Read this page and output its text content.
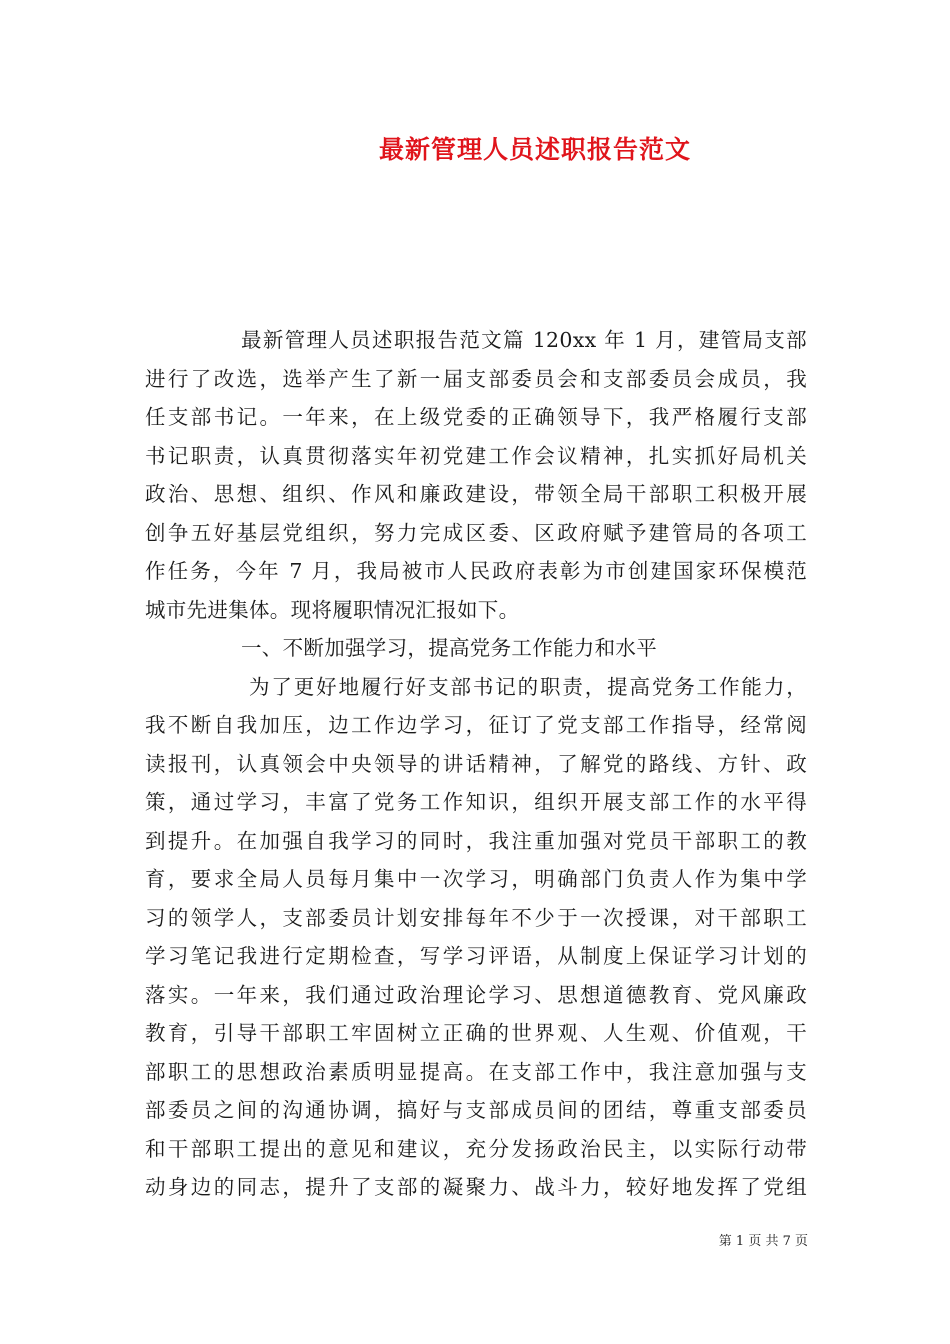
最新管理人员述职报告范文
最新管理人员述职报告范文篇 120xx 年 1 月，建管局支部
进行了改选，选举产生了新一届支部委员会和支部委员会成员，我
任支部书记。一年来，在上级党委的正确领导下，我严格履行支部
书记职责，认真贯彻落实年初党建工作会议精神，扎实抓好局机关
政治、思想、组织、作风和廉政建设，带领全局干部职工积极开展
创争五好基层党组织，努力完成区委、区政府赋予建管局的各项工
作任务，今年 7 月，我局被市人民政府表彰为市创建国家环保模范
城市先进集体。现将履职情况汇报如下。
一、不断加强学习，提高党务工作能力和水平
为了更好地履行好支部书记的职责，提高党务工作能力，
我不断自我加压，边工作边学习，征订了党支部工作指导，经常阅
读报刊，认真领会中央领导的讲话精神，了解党的路线、方针、政
策，通过学习，丰富了党务工作知识，组织开展支部工作的水平得
到提升。在加强自我学习的同时，我注重加强对党员干部职工的教
育，要求全局人员每月集中一次学习，明确部门负责人作为集中学
习的领学人，支部委员计划安排每年不少于一次授课，对干部职工
学习笔记我进行定期检查，写学习评语，从制度上保证学习计划的
落实。一年来，我们通过政治理论学习、思想道德教育、党风廉政
教育，引导干部职工牢固树立正确的世界观、人生观、价值观，干
部职工的思想政治素质明显提高。在支部工作中，我注意加强与支
部委员之间的沟通协调，搞好与支部成员间的团结，尊重支部委员
和干部职工提出的意见和建议，充分发扬政治民主，以实际行动带
动身边的同志，提升了支部的凝聚力、战斗力，较好地发挥了党组
第 1 页 共 7 页
